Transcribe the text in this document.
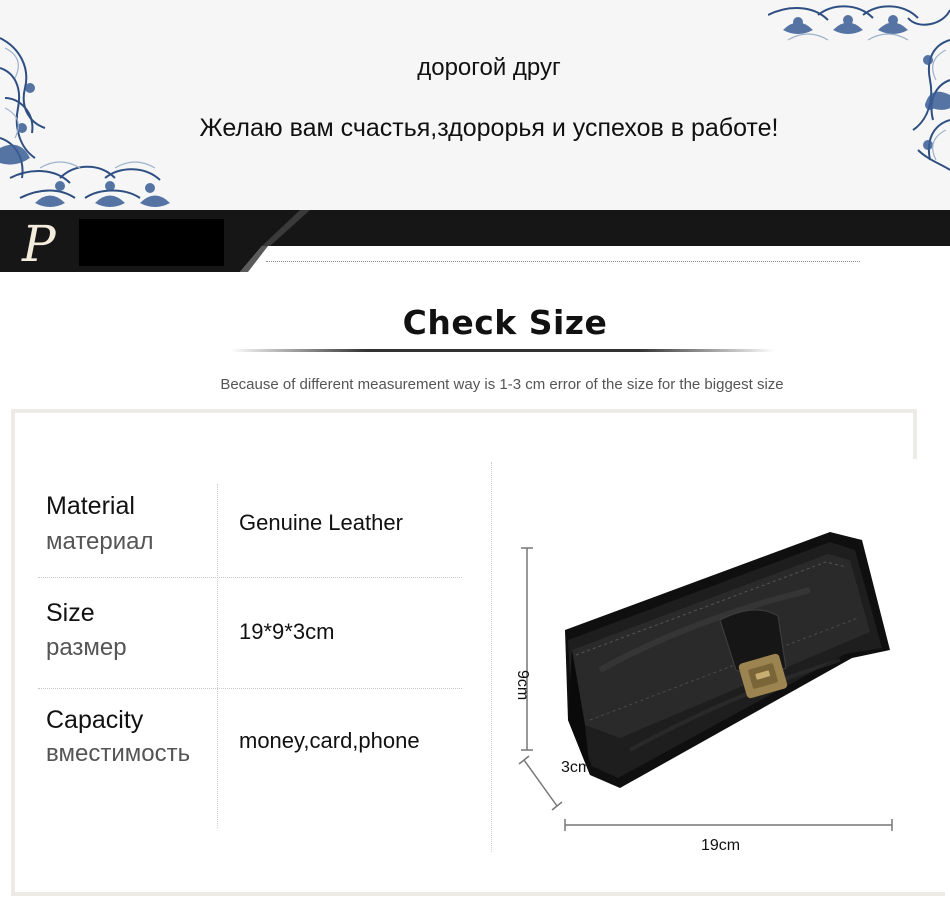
дорогой друг
Желаю вам счастья,здорорья и успехов в работе!
P
Check Size
Because of different measurement way is 1-3 cm error of the size for the biggest size
Material
материал
Genuine Leather
Size
размер
19*9*3cm
Capacity
вместимость money,card,phone
9cm
3cm
19cm
